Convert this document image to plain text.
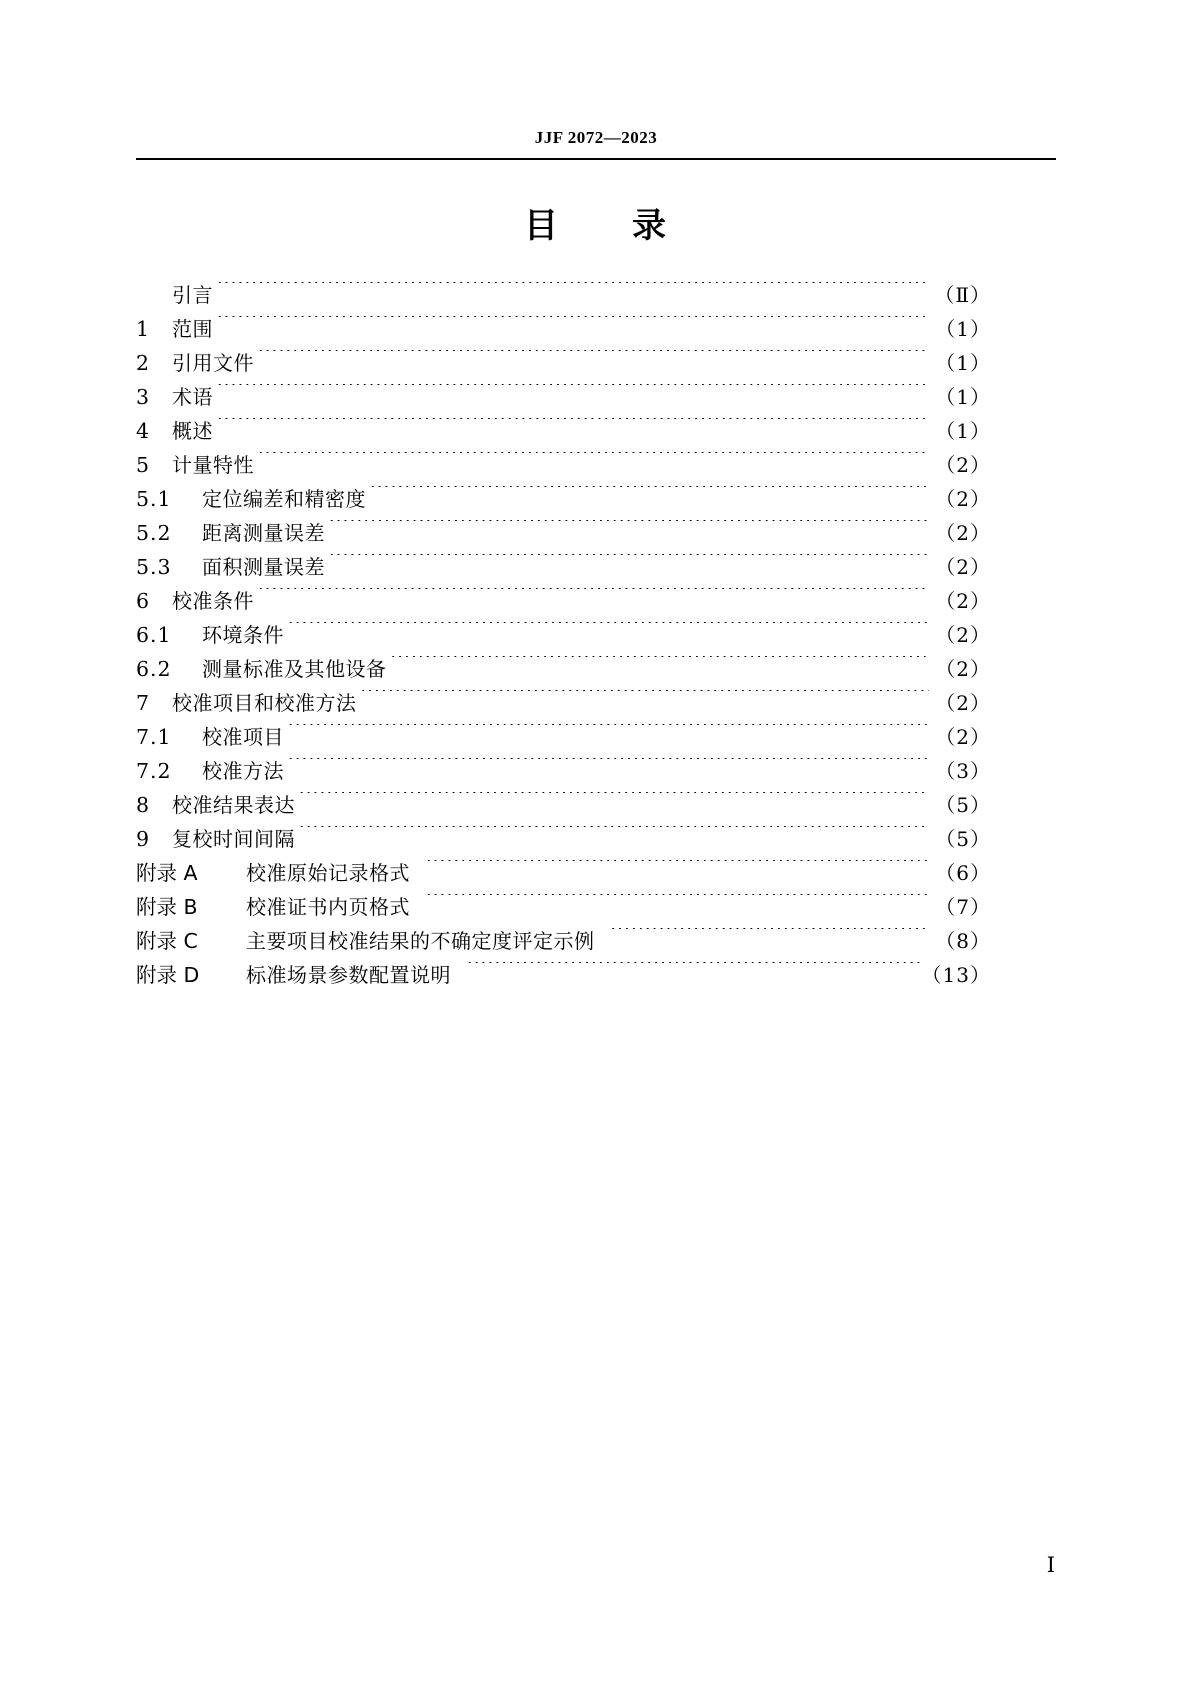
JJF 2072—2023
目　　录
引言 ·····	（Ⅱ）
1	范围 ·····	（1）
2	引用文件 ·····	（1）
3	术语 ·····	（1）
4	概述 ·····	（1）
5	计量特性 ·····	（2）
5.1	定位编差和精密度 ·····	（2）
5.2	距离测量误差 ·····	（2）
5.3	面积测量误差 ·····	（2）
6	校准条件 ·····	（2）
6.1	环境条件 ·····	（2）
6.2	测量标准及其他设备 ·····	（2）
7	校准项目和校准方法 ·····	（2）
7.1	校准项目 ·····	（2）
7.2	校准方法 ·····	（3）
8	校准结果表达 ·····	（5）
9	复校时间间隔 ·····	（5）
附录 A	校准原始记录格式 ·····	（6）
附录 B	校准证书内页格式 ·····	（7）
附录 C	主要项目校准结果的不确定度评定示例 ·····	（8）
附录 D	标准场景参数配置说明 ·····	（13）
Ⅰ
